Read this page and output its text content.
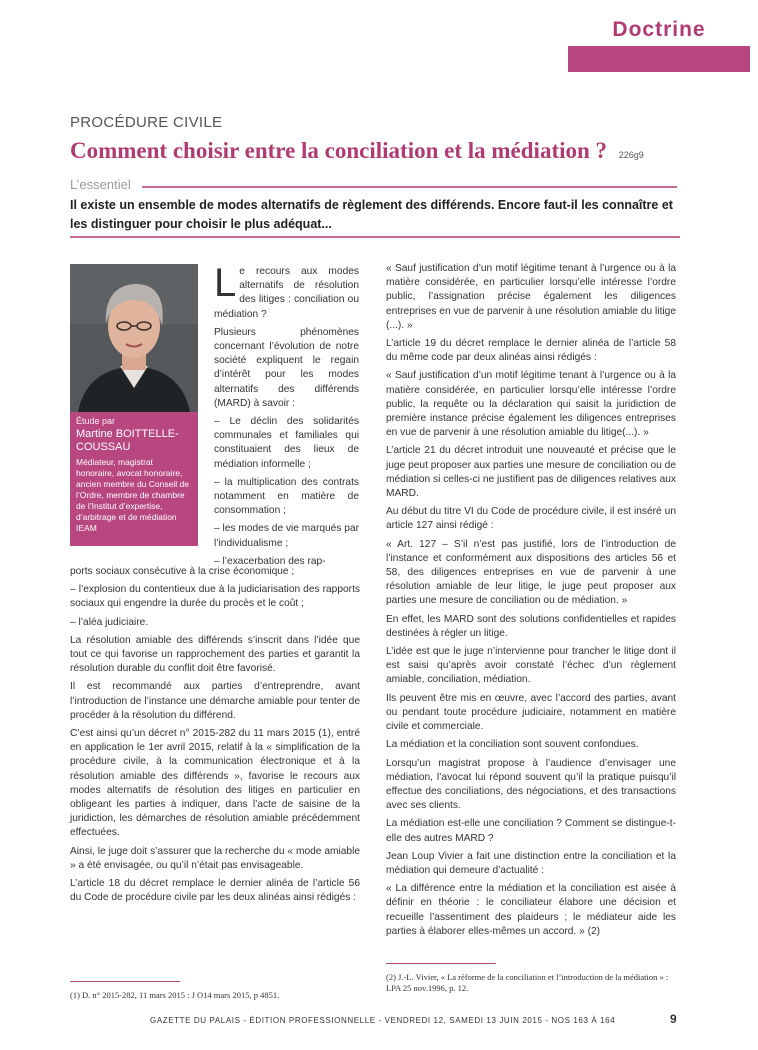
Doctrine
PROCÉDURE CIVILE
Comment choisir entre la conciliation et la médiation ? 226g9
L’essentiel
Il existe un ensemble de modes alternatifs de règlement des différends. Encore faut-il les connaître et les distinguer pour choisir le plus adéquat...
Étude par
Martine BOITTELLE-COUSSAU
Médiateur, magistrat honoraire, avocat honoraire, ancien membre du Conseil de l’Ordre, membre de chambre de l’Institut d’expertise, d’arbitrage et de médiation IEAM

Le recours aux modes alternatifs de résolution des litiges : conciliation ou médiation ?

Plusieurs phénomènes concernant l’évolution de notre société expliquent le regain d’intérêt pour les modes alternatifs des différends (MARD) à savoir :

– Le déclin des solidarités communales et familiales qui constituaient des lieux de médiation informelle ;

– la multiplication des contrats notamment en matière de consommation ;

– les modes de vie marqués par l’individualisme ;

– l’exacerbation des rap-

ports sociaux consécutive à la crise économique ;

– l’explosion du contentieux due à la judiciarisation des rapports sociaux qui engendre la durée du procès et le coût ;

– l’aléa judiciaire.

La résolution amiable des différends s’inscrit dans l’idée que tout ce qui favorise un rapprochement des parties et garantit la résolution durable du conflit doit être favorisé.

Il est recommandé aux parties d’entreprendre, avant l’introduction de l’instance une démarche amiable pour tenter de procéder à la résolution du différend.

C’est ainsi qu’un décret n° 2015-282 du 11 mars 2015 (1), entré en application le 1er avril 2015, relatif à la « simplification de la procédure civile, à la communication électronique et à la résolution amiable des différends », favorise le recours aux modes alternatifs de résolution des litiges en particulier en obligeant les parties à indiquer, dans l’acte de saisine de la juridiction, les démarches de résolution amiable précédemment effectuées.

Ainsi, le juge doit s’assurer que la recherche du « mode amiable » a été envisagée, ou qu’il n’était pas envisageable.

L’article 18 du décret remplace le dernier alinéa de l’article 56 du Code de procédure civile par les deux alinéas ainsi rédigés :

« Sauf justification d’un motif légitime tenant à l’urgence ou à la matière considérée, en particulier lorsqu’elle intéresse l’ordre public, l’assignation précise également les diligences entreprises en vue de parvenir à une résolution amiable du litige (...). »

L’article 19 du décret remplace le dernier alinéa de l’article 58 du même code par deux alinéas ainsi rédigés :

« Sauf justification d’un motif légitime tenant à l’urgence ou à la matière considérée, en particulier lorsqu’elle intéresse l’ordre public, la requête ou la déclaration qui saisit la juridiction de première instance précise également les diligences entreprises en vue de parvenir à une résolution amiable du litige(...). »

L’article 21 du décret introduit une nouveauté et précise que le juge peut proposer aux parties une mesure de conciliation ou de médiation si celles-ci ne justifient pas de diligences relatives aux MARD.

Au début du titre VI du Code de procédure civile, il est inséré un article 127 ainsi rédigé :

« Art. 127 – S’il n’est pas justifié, lors de l’introduction de l’instance et conformément aux dispositions des articles 56 et 58, des diligences entreprises en vue de parvenir à une résolution amiable de leur litige, le juge peut proposer aux parties une mesure de conciliation ou de médiation. »

En effet, les MARD sont des solutions confidentielles et rapides destinées à régler un litige.

L’idée est que le juge n’intervienne pour trancher le litige dont il est saisi qu’après avoir constaté l’échec d’un règlement amiable, conciliation, médiation.

Ils peuvent être mis en œuvre, avec l’accord des parties, avant ou pendant toute procédure judiciaire, notamment en matière civile et commerciale.

La médiation et la conciliation sont souvent confondues.

Lorsqu’un magistrat propose à l’audience d’envisager une médiation, l’avocat lui répond souvent qu’il la pratique puisqu’il effectue des conciliations, des négociations, et des transactions avec ses clients.

La médiation est-elle une conciliation ? Comment se distingue-t-elle des autres MARD ?

Jean Loup Vivier a fait une distinction entre la conciliation et la médiation qui demeure d’actualité :

« La différence entre la médiation et la conciliation est aisée à définir en théorie : le conciliateur élabore une décision et recueille l’assentiment des plaideurs ; le médiateur aide les parties à élaborer elles-mêmes un accord. » (2)

(1) D. n° 2015-282, 11 mars 2015 : J O14 mars 2015, p 4851.
(2) J.-L. Vivier, « La réforme de la conciliation et l’introduction de la médiation » : LPA 25 nov.1996, p. 12.
GAZETTE DU PALAIS - ÉDITION PROFESSIONNELLE - VENDREDI 12, SAMEDI 13 JUIN 2015 - NOS 163 À 164	9
